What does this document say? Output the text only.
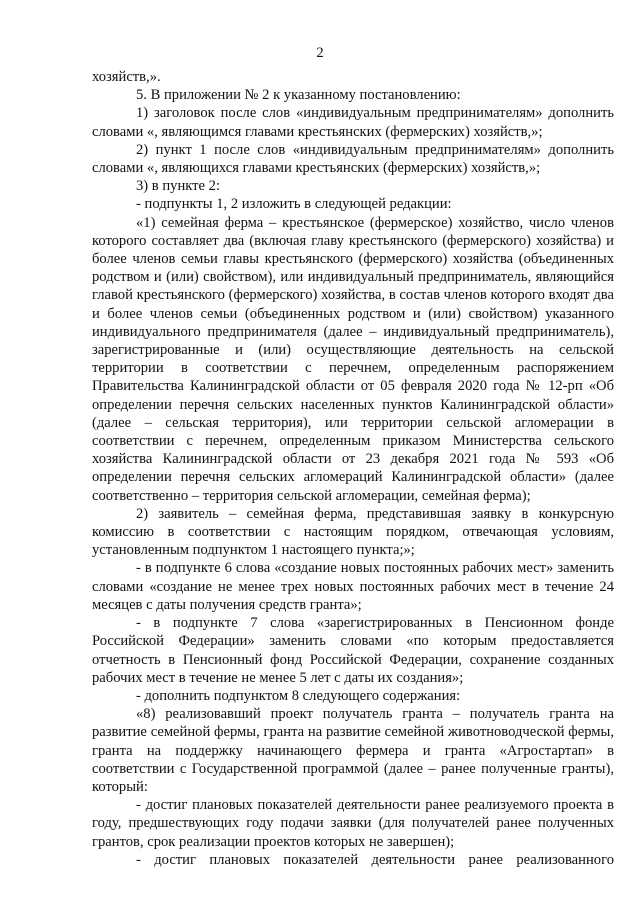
2

хозяйств,».

5. В приложении № 2 к указанному постановлению:

1) заголовок после слов «индивидуальным предпринимателям» дополнить словами «, являющимся главами крестьянских (фермерских) хозяйств,»;

2) пункт 1 после слов «индивидуальным предпринимателям» дополнить словами «, являющихся главами крестьянских (фермерских) хозяйств,»;

3) в пункте 2:

- подпункты 1, 2 изложить в следующей редакции:

«1) семейная ферма – крестьянское (фермерское) хозяйство, число членов которого составляет два (включая главу крестьянского (фермерского) хозяйства) и более членов семьи главы крестьянского (фермерского) хозяйства (объединенных родством и (или) свойством), или индивидуальный предприниматель, являющийся главой крестьянского (фермерского) хозяйства, в состав членов которого входят два и более членов семьи (объединенных родством и (или) свойством) указанного индивидуального предпринимателя (далее – индивидуальный предприниматель), зарегистрированные и (или) осуществляющие деятельность на сельской территории в соответствии с перечнем, определенным распоряжением Правительства Калининградской области от 05 февраля 2020 года № 12-рп «Об определении перечня сельских населенных пунктов Калининградской области» (далее – сельская территория), или территории сельской агломерации в соответствии с перечнем, определенным приказом Министерства сельского хозяйства Калининградской области от 23 декабря 2021 года № 593 «Об определении перечня сельских агломераций Калининградской области» (далее соответственно – территория сельской агломерации, семейная ферма);

2) заявитель – семейная ферма, представившая заявку в конкурсную комиссию в соответствии с настоящим порядком, отвечающая условиям, установленным подпунктом 1 настоящего пункта;»;

- в подпункте 6 слова «создание новых постоянных рабочих мест» заменить словами «создание не менее трех новых постоянных рабочих мест в течение 24 месяцев с даты получения средств гранта»;

- в подпункте 7 слова «зарегистрированных в Пенсионном фонде Российской Федерации» заменить словами «по которым предоставляется отчетность в Пенсионный фонд Российской Федерации, сохранение созданных рабочих мест в течение не менее 5 лет с даты их создания»;

- дополнить подпунктом 8 следующего содержания:

«8) реализовавший проект получатель гранта – получатель гранта на развитие семейной фермы, гранта на развитие семейной животноводческой фермы, гранта на поддержку начинающего фермера и гранта «Агростартап» в соответствии с Государственной программой (далее – ранее полученные гранты), который:

- достиг плановых показателей деятельности ранее реализуемого проекта в году, предшествующих году подачи заявки (для получателей ранее полученных грантов, срок реализации проектов которых не завершен);

- достиг плановых показателей деятельности ранее реализованного
